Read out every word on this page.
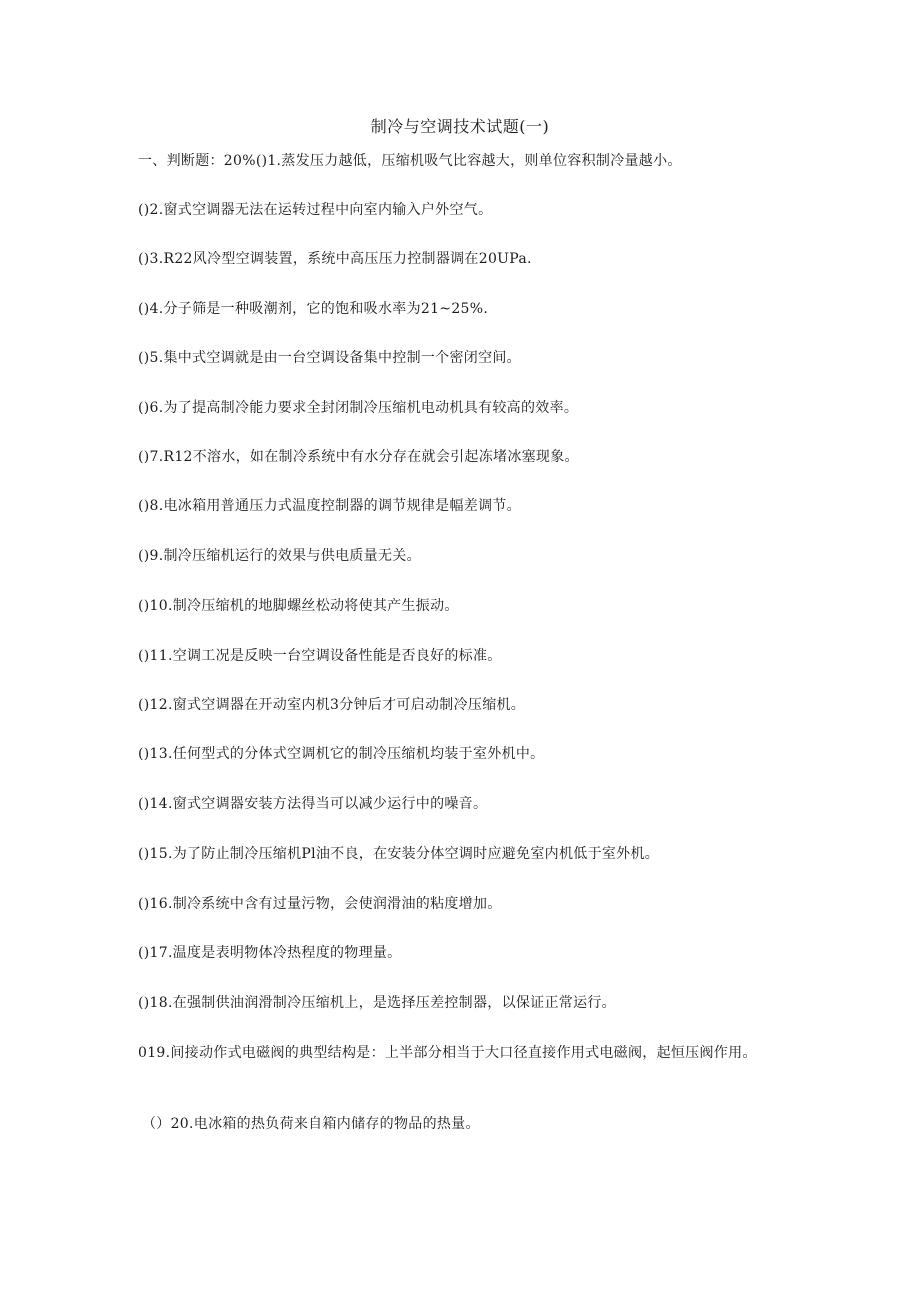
制冷与空调技术试题(一)
一、判断题：20%()1.蒸发压力越低，压缩机吸气比容越大，则单位容积制冷量越小。
()2.窗式空调器无法在运转过程中向室内输入户外空气。
()3.R22风冷型空调装置，系统中高压压力控制器调在20UPa.
()4.分子筛是一种吸潮剂，它的饱和吸水率为21~25%.
()5.集中式空调就是由一台空调设备集中控制一个密闭空间。
()6.为了提高制冷能力要求全封闭制冷压缩机电动机具有较高的效率。
()7.R12不溶水，如在制冷系统中有水分存在就会引起冻堵冰塞现象。
()8.电冰箱用普通压力式温度控制器的调节规律是幅差调节。
()9.制冷压缩机运行的效果与供电质量无关。
()10.制冷压缩机的地脚螺丝松动将使其产生振动。
()11.空调工况是反映一台空调设备性能是否良好的标准。
()12.窗式空调器在开动室内机3分钟后才可启动制冷压缩机。
()13.任何型式的分体式空调机它的制冷压缩机均装于室外机中。
()14.窗式空调器安装方法得当可以减少运行中的噪音。
()15.为了防止制冷压缩机Pl油不良，在安装分体空调时应避免室内机低于室外机。
()16.制冷系统中含有过量污物，会使润滑油的粘度增加。
()17.温度是表明物体冷热程度的物理量。
()18.在强制供油润滑制冷压缩机上，是选择压差控制器，以保证正常运行。
019.间接动作式电磁阀的典型结构是：上半部分相当于大口径直接作用式电磁阀，起恒压阀作用。
（）20.电冰箱的热负荷来自箱内储存的物品的热量。
